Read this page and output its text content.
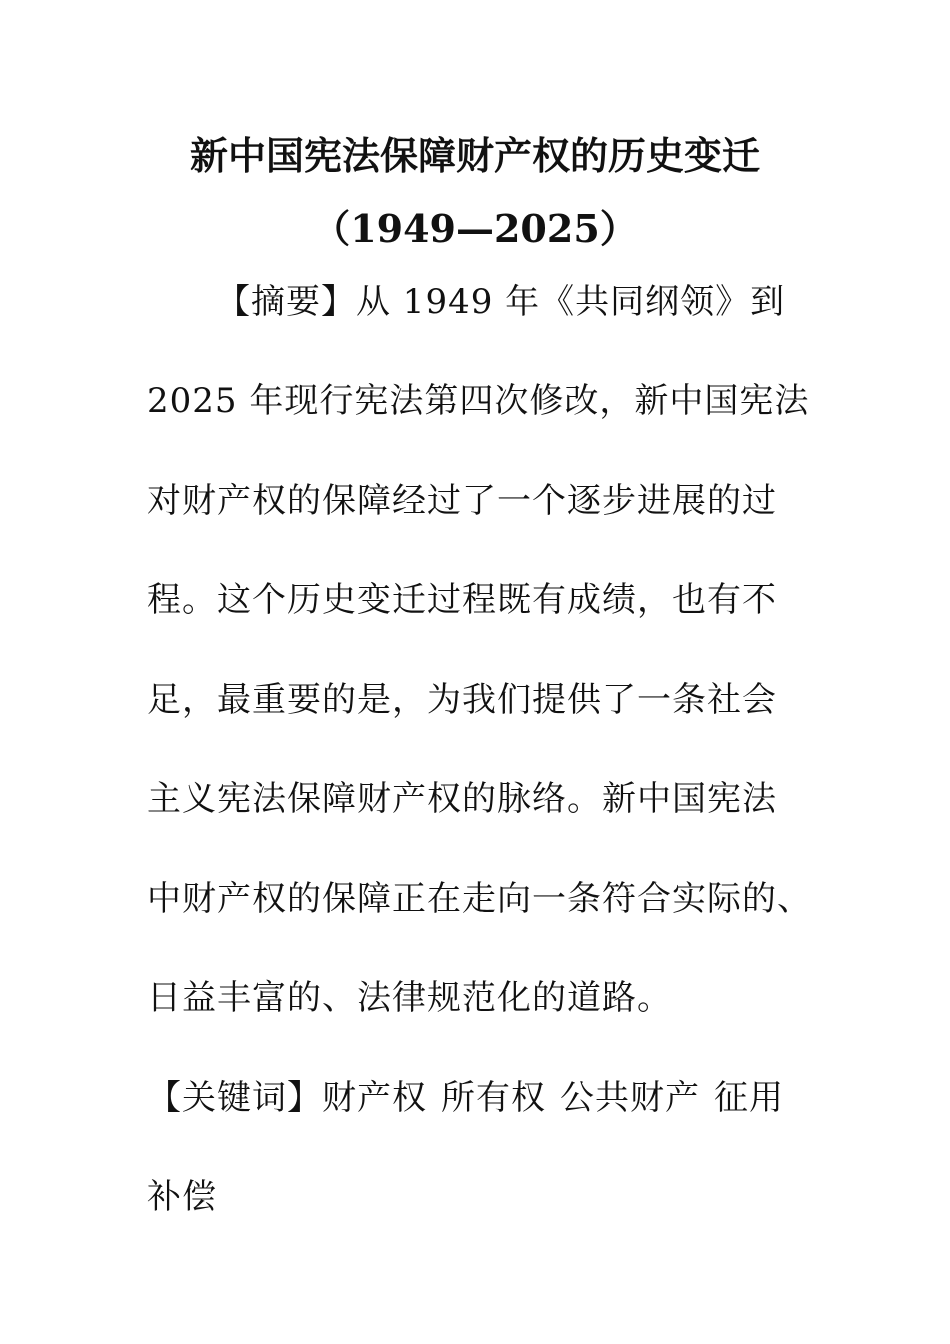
新中国宪法保障财产权的历史变迁
（1949—2025）
【摘要】从 1949 年《共同纲领》到
2025 年现行宪法第四次修改，新中国宪法
对财产权的保障经过了一个逐步进展的过
程。这个历史变迁过程既有成绩，也有不
足，最重要的是，为我们提供了一条社会
主义宪法保障财产权的脉络。新中国宪法
中财产权的保障正在走向一条符合实际的、
日益丰富的、法律规范化的道路。
【关键词】财产权 所有权 公共财产 征用
补偿
